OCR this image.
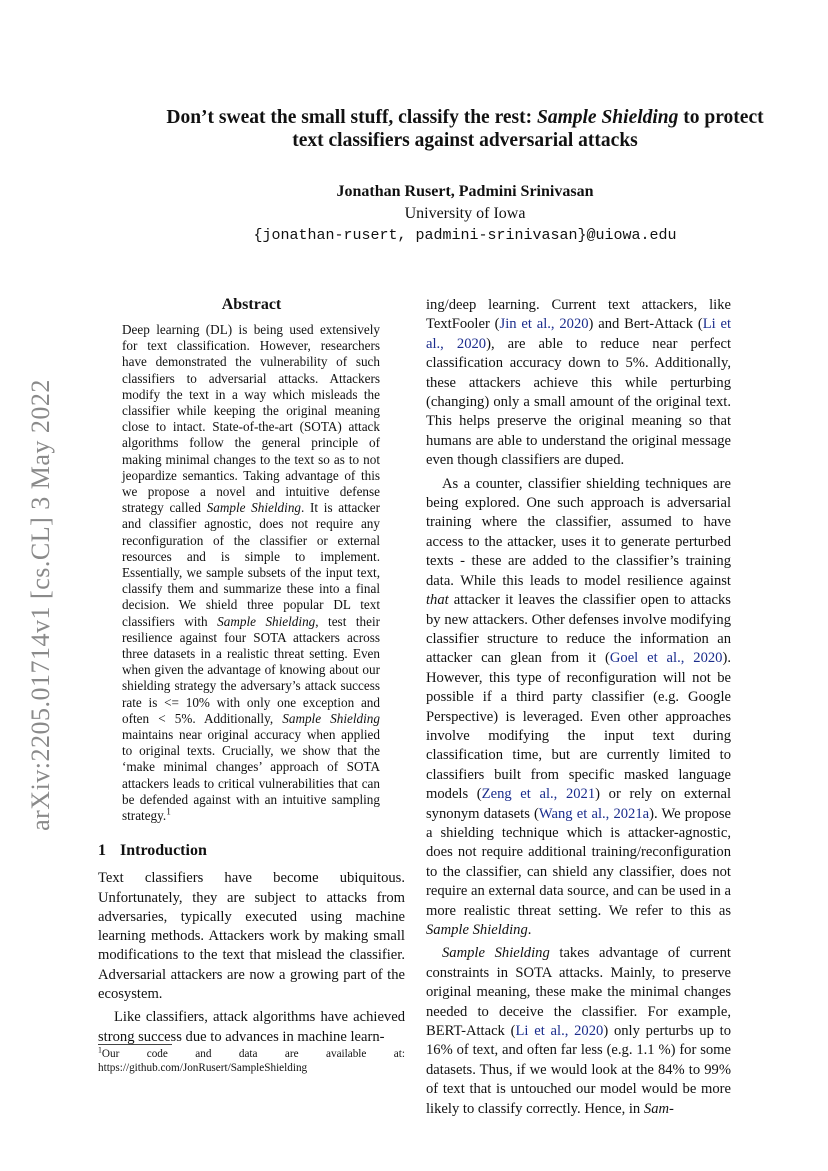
arXiv:2205.01714v1 [cs.CL] 3 May 2022
Don’t sweat the small stuff, classify the rest: Sample Shielding to protect
text classifiers against adversarial attacks
Jonathan Rusert, Padmini Srinivasan
University of Iowa
{jonathan-rusert, padmini-srinivasan}@uiowa.edu
Abstract

Deep learning (DL) is being used extensively for text classification. However, researchers have demonstrated the vulnerability of such classifiers to adversarial attacks. Attackers modify the text in a way which misleads the classifier while keeping the original meaning close to intact. State-of-the-art (SOTA) attack algorithms follow the general principle of making minimal changes to the text so as to not jeopardize semantics. Taking advantage of this we propose a novel and intuitive defense strategy called Sample Shielding. It is attacker and classifier agnostic, does not require any reconfiguration of the classifier or external resources and is simple to implement. Essentially, we sample subsets of the input text, classify them and summarize these into a final decision. We shield three popular DL text classifiers with Sample Shielding, test their resilience against four SOTA attackers across three datasets in a realistic threat setting. Even when given the advantage of knowing about our shielding strategy the adversary’s attack success rate is <= 10% with only one exception and often < 5%. Additionally, Sample Shielding maintains near original accuracy when applied to original texts. Crucially, we show that the ‘make minimal changes’ approach of SOTA attackers leads to critical vulnerabilities that can be defended against with an intuitive sampling strategy.$^1$

1 Introduction

Text classifiers have become ubiquitous. Unfortunately, they are subject to attacks from adversaries, typically executed using machine learning methods. Attackers work by making small modifications to the text that mislead the classifier. Adversarial attackers are now a growing part of the ecosystem.

Like classifiers, attack algorithms have achieved strong success due to advances in machine learn-

ing/deep learning. Current text attackers, like TextFooler (Jin et al., 2020) and Bert-Attack (Li et al., 2020), are able to reduce near perfect classification accuracy down to 5%. Additionally, these attackers achieve this while perturbing (changing) only a small amount of the original text. This helps preserve the original meaning so that humans are able to understand the original message even though classifiers are duped.

As a counter, classifier shielding techniques are being explored. One such approach is adversarial training where the classifier, assumed to have access to the attacker, uses it to generate perturbed texts - these are added to the classifier’s training data. While this leads to model resilience against that attacker it leaves the classifier open to attacks by new attackers. Other defenses involve modifying classifier structure to reduce the information an attacker can glean from it (Goel et al., 2020). However, this type of reconfiguration will not be possible if a third party classifier (e.g. Google Perspective) is leveraged. Even other approaches involve modifying the input text during classification time, but are currently limited to classifiers built from specific masked language models (Zeng et al., 2021) or rely on external synonym datasets (Wang et al., 2021a). We propose a shielding technique which is attacker-agnostic, does not require additional training/reconfiguration to the classifier, can shield any classifier, does not require an external data source, and can be used in a more realistic threat setting. We refer to this as Sample Shielding.

Sample Shielding takes advantage of current constraints in SOTA attacks. Mainly, to preserve original meaning, these make the minimal changes needed to deceive the classifier. For example, BERT-Attack (Li et al., 2020) only perturbs up to 16% of text, and often far less (e.g. 1.1 %) for some datasets. Thus, if we would look at the 84% to 99% of text that is untouched our model would be more likely to classify correctly. Hence, in Sam-

$^1$Our code and data are available at: https://github.com/JonRusert/SampleShielding
